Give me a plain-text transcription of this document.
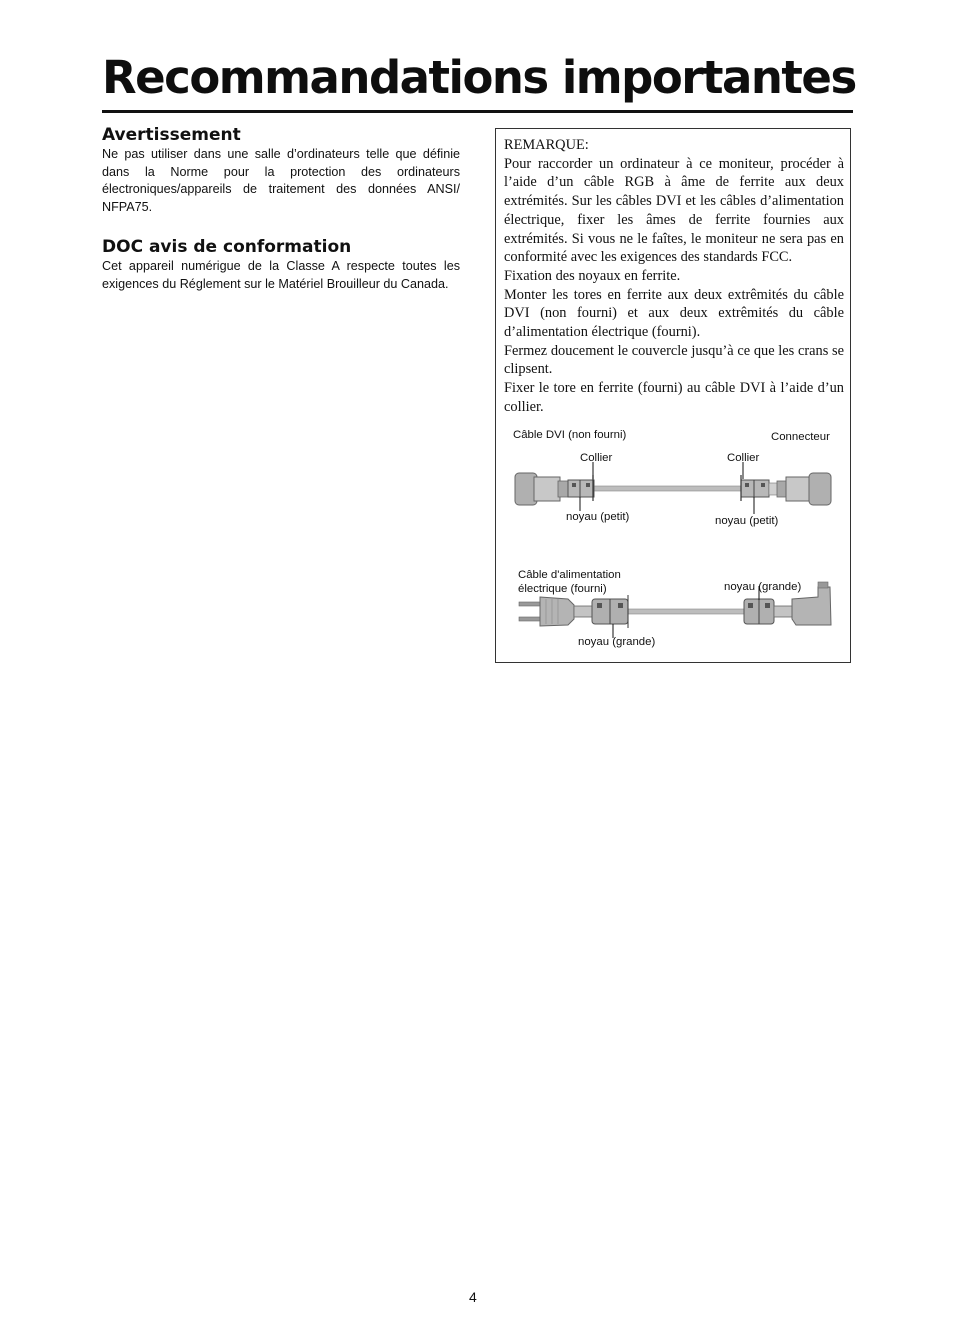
Recommandations importantes
Avertissement

Ne pas utiliser dans une salle d’ordinateurs telle que définie dans la Norme pour la protection des ordinateurs électroniques/appareils de traitement des données ANSI/ NFPA75.

DOC avis de conformation

Cet appareil numérigue de la Classe A respecte toutes les exigences du Réglement sur le Matériel Brouilleur du Canada.

REMARQUE:

Pour raccorder un ordinateur à ce moniteur, procéder à l’aide d’un câble RGB à âme de ferrite aux deux extrémités. Sur les câbles DVI et les câbles d’alimentation électrique, fixer les âmes de ferrite fournies aux extrémités. Si vous ne le faîtes, le moniteur ne sera pas en conformité avec les exigences des standards FCC.

Fixation des noyaux en ferrite.

Monter les tores en ferrite aux deux extrêmités du câble DVI (non fourni) et aux deux extrêmités du câble d’alimentation électrique (fourni).

Fermez doucement le couvercle jusqu’à ce que les crans se clipsent.

Fixer le tore en ferrite (fourni) au câble DVI à l’aide d’un collier.

Câble DVI (non fourni)	Connecteur
Collier	Collier
noyau (petit)	noyau (petit)
Câble d'alimentation
électrique (fourni)	noyau (grande)
noyau (grande)
4
